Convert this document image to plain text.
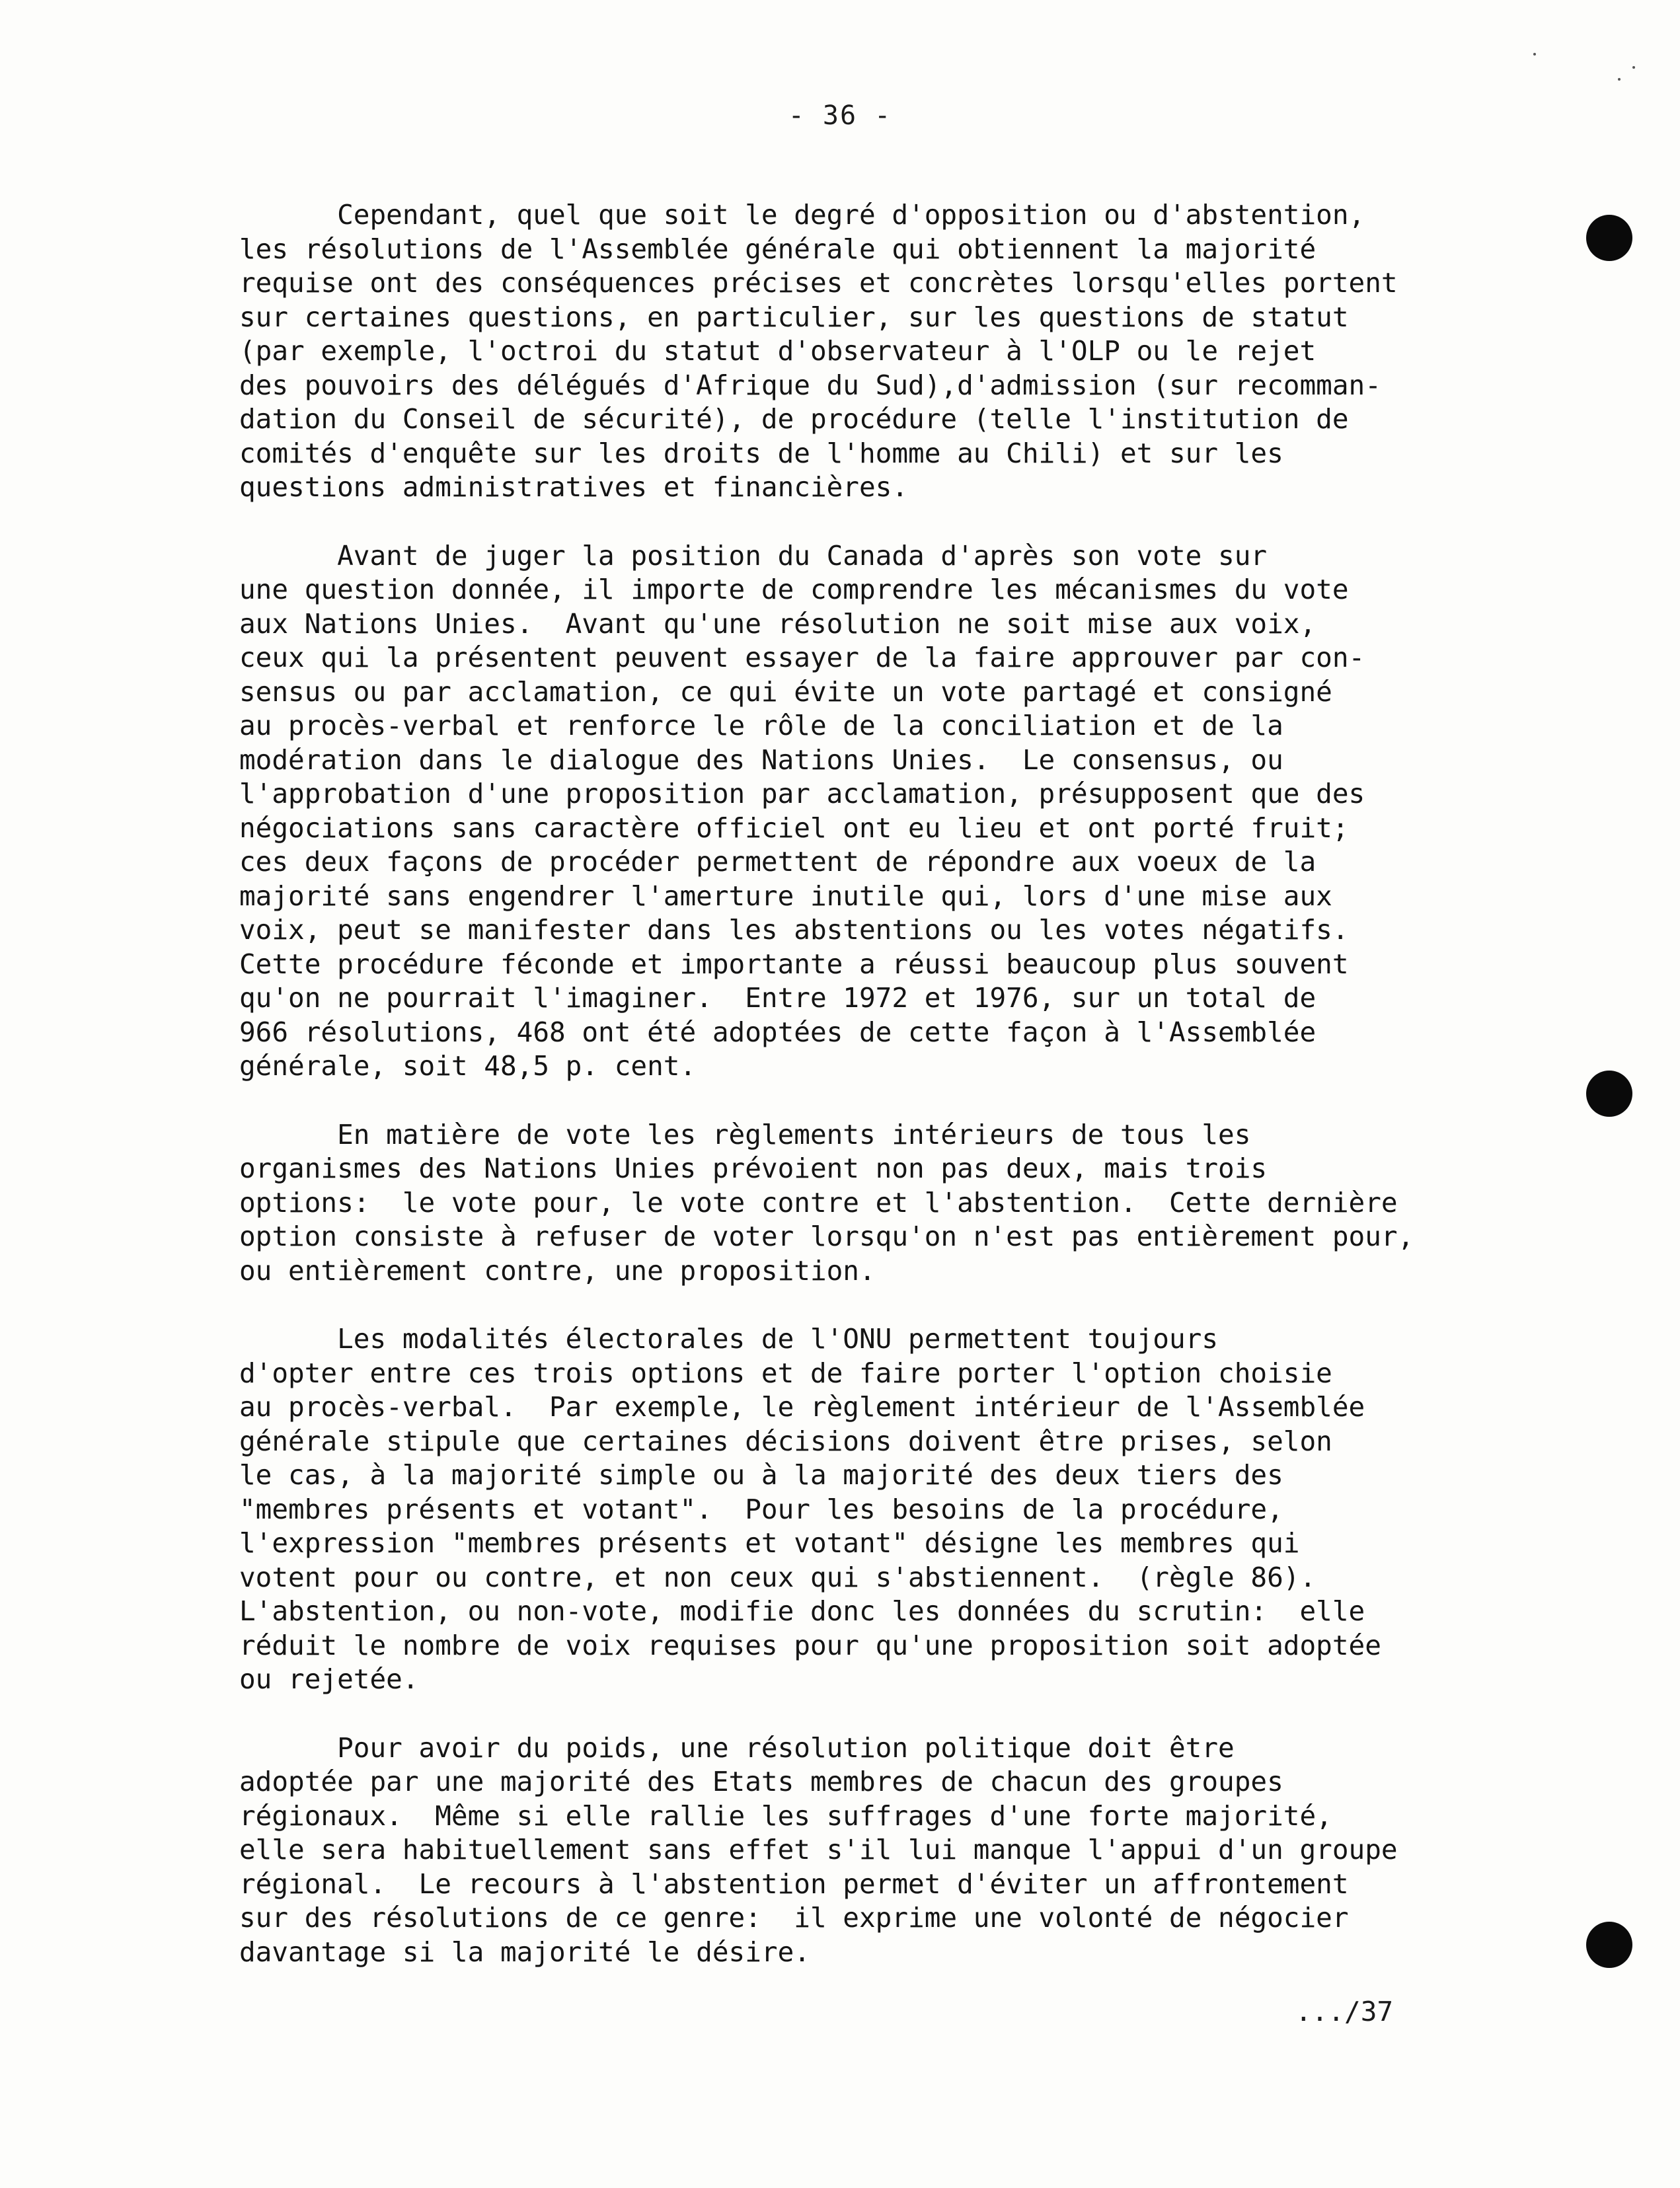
- 36 -
Cependant, quel que soit le degré d'opposition ou d'abstention,
les résolutions de l'Assemblée générale qui obtiennent la majorité
requise ont des conséquences précises et concrètes lorsqu'elles portent
sur certaines questions, en particulier, sur les questions de statut
(par exemple, l'octroi du statut d'observateur à l'OLP ou le rejet
des pouvoirs des délégués d'Afrique du Sud),d'admission (sur recomman-
dation du Conseil de sécurité), de procédure (telle l'institution de
comités d'enquête sur les droits de l'homme au Chili) et sur les
questions administratives et financières.
Avant de juger la position du Canada d'après son vote sur
une question donnée, il importe de comprendre les mécanismes du vote
aux Nations Unies.  Avant qu'une résolution ne soit mise aux voix,
ceux qui la présentent peuvent essayer de la faire approuver par con-
sensus ou par acclamation, ce qui évite un vote partagé et consigné
au procès-verbal et renforce le rôle de la conciliation et de la
modération dans le dialogue des Nations Unies.  Le consensus, ou
l'approbation d'une proposition par acclamation, présupposent que des
négociations sans caractère officiel ont eu lieu et ont porté fruit;
ces deux façons de procéder permettent de répondre aux voeux de la
majorité sans engendrer l'amerture inutile qui, lors d'une mise aux
voix, peut se manifester dans les abstentions ou les votes négatifs.
Cette procédure féconde et importante a réussi beaucoup plus souvent
qu'on ne pourrait l'imaginer.  Entre 1972 et 1976, sur un total de
966 résolutions, 468 ont été adoptées de cette façon à l'Assemblée
générale, soit 48,5 p. cent.
En matière de vote les règlements intérieurs de tous les
organismes des Nations Unies prévoient non pas deux, mais trois
options:  le vote pour, le vote contre et l'abstention.  Cette dernière
option consiste à refuser de voter lorsqu'on n'est pas entièrement pour,
ou entièrement contre, une proposition.
Les modalités électorales de l'ONU permettent toujours
d'opter entre ces trois options et de faire porter l'option choisie
au procès-verbal.  Par exemple, le règlement intérieur de l'Assemblée
générale stipule que certaines décisions doivent être prises, selon
le cas, à la majorité simple ou à la majorité des deux tiers des
"membres présents et votant".  Pour les besoins de la procédure,
l'expression "membres présents et votant" désigne les membres qui
votent pour ou contre, et non ceux qui s'abstiennent.  (règle 86).
L'abstention, ou non-vote, modifie donc les données du scrutin:  elle
réduit le nombre de voix requises pour qu'une proposition soit adoptée
ou rejetée.
Pour avoir du poids, une résolution politique doit être
adoptée par une majorité des Etats membres de chacun des groupes
régionaux.  Même si elle rallie les suffrages d'une forte majorité,
elle sera habituellement sans effet s'il lui manque l'appui d'un groupe
régional.  Le recours à l'abstention permet d'éviter un affrontement
sur des résolutions de ce genre:  il exprime une volonté de négocier
davantage si la majorité le désire.
.../37
